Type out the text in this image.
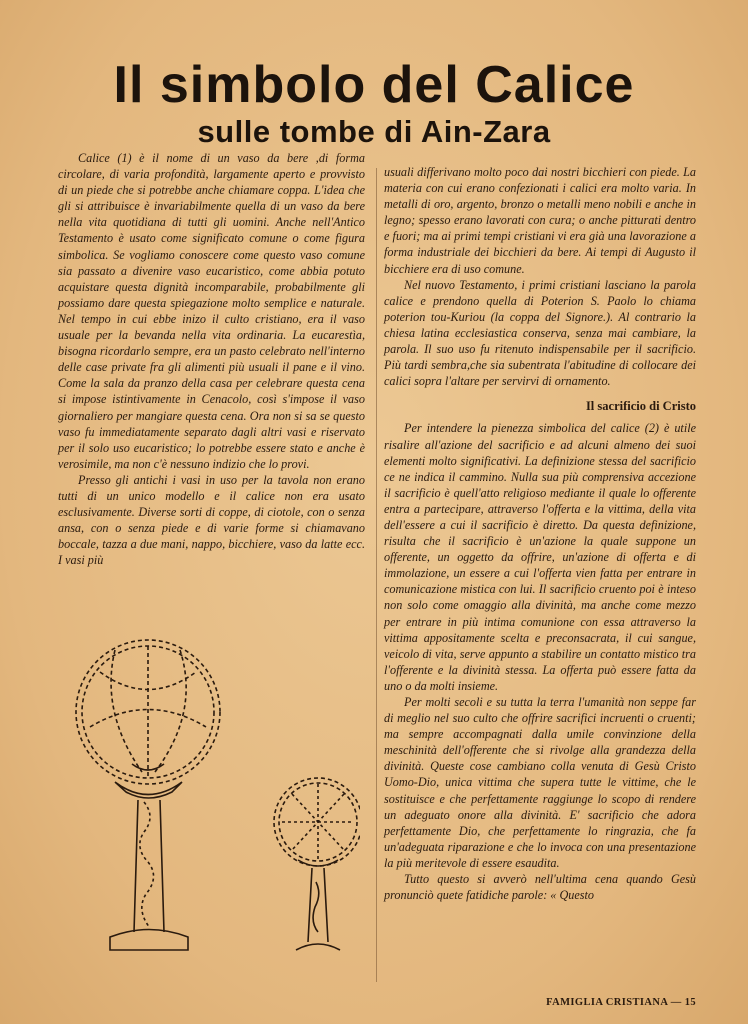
Il simbolo del Calice
sulle tombe di Ain-Zara

Calice (1) è il nome di un vaso da bere ,di forma circolare, di varia profondità, largamente aperto e provvisto di un piede che si potrebbe anche chiamare coppa. L'idea che gli si attribuisce è invariabilmente quella di un vaso da bere nella vita quotidiana di tutti gli uomini. Anche nell'Antico Testamento è usato come significato comune o come figura simbolica. Se vogliamo conoscere come questo vaso comune sia passato a divenire vaso eucaristico, come abbia potuto acquistare questa dignità incomparabile, probabilmente gli possiamo dare questa spiegazione molto semplice e naturale. Nel tempo in cui ebbe inizo il culto cristiano, era il vaso usuale per la bevanda nella vita ordinaria. La eucarestìa, bisogna ricordarlo sempre, era un pasto celebrato nell'interno delle case private fra gli alimenti più usuali il pane e il vino. Come la sala da pranzo della casa per celebrare questa cena si impose istintivamente in Cenacolo, così s'impose il vaso giornaliero per mangiare questa cena. Ora non si sa se questo vaso fu immediatamente separato dagli altri vasi e riservato per il solo uso eucaristico; lo potrebbe essere stato e anche è verosimile, ma non c'è nessuno indizio che lo provi.

Presso gli antichi i vasi in uso per la tavola non erano tutti di un unico modello e il calice non era usato esclusivamente. Diverse sorti di coppe, di ciotole, con o senza ansa, con o senza piede e di varie forme si chiamavano boccale, tazza a due mani, nappo, bicchiere, vaso da latte ecc. I vasi più

usuali differivano molto poco dai nostri bicchieri con piede. La materia con cui erano confezionati i calici era molto varia. In metalli di oro, argento, bronzo o metalli meno nobili e anche in legno; spesso erano lavorati con cura; o anche pitturati dentro e fuori; ma ai primi tempi cristiani vi era già una lavorazione a forma industriale dei bicchieri da bere. Ai tempi di Augusto il bicchiere era di uso comune.

Nel nuovo Testamento, i primi cristiani lasciano la parola calice e prendono quella di Poterion S. Paolo lo chiama poterion tou-Kuriou (la coppa del Signore.). Al contrario la chiesa latina ecclesiastica conserva, senza mai cambiare, la parola. Il suo uso fu ritenuto indispensabile per il sacrificio. Più tardi sembra,che sia subentrata l'abitudine di collocare dei calici sopra l'altare per servirvi di ornamento.

Il sacrificio di Cristo

Per intendere la pienezza simbolica del calice (2) è utile risalire all'azione del sacrificio e ad alcuni almeno dei suoi elementi molto significativi. La definizione stessa del sacrificio ce ne indica il cammino. Nulla sua più comprensiva accezione il sacrificio è quell'atto religioso mediante il quale lo offerente entra a partecipare, attraverso l'offerta e la vittima, della vita dell'essere a cui il sacrificio è diretto. Da questa definizione, risulta che il sacrificio è un'azione la quale suppone un offerente, un oggetto da offrire, un'azione di offerta e di immolazione, un essere a cui l'offerta vien fatta per entrare in comunicazione mistica con lui. Il sacrificio cruento poi è inteso non solo come omaggio alla divinità, ma anche come mezzo per entrare in più intima comunione con essa attraverso la vittima appositamente scelta e preconsacrata, il cui sangue, veicolo di vita, serve appunto a stabilire un contatto mistico tra l'offerente e la divinità stessa. La offerta può essere fatta da uno o da molti insieme.

Per molti secoli e su tutta la terra l'umanità non seppe far di meglio nel suo culto che offrire sacrifici incruenti o cruenti; ma sempre accompagnati dalla umile convinzione della meschinità dell'offerente che si rivolge alla grandezza della divinità. Queste cose cambiano colla venuta di Gesù Cristo Uomo-Dio, unica vittima che supera tutte le vittime, che le sostituisce e che perfettamente raggiunge lo scopo di rendere un adeguato onore alla divinità. E' sacrificio che adora perfettamente Dio, che perfettamente lo ringrazia, che fa un'adeguata riparazione e che lo invoca con una presentazione la più meritevole di essere esaudita.

Tutto questo si avverò nell'ultima cena quando Gesù pronunciò quete fatidiche parole: « Questo

FAMIGLIA CRISTIANA — 15
